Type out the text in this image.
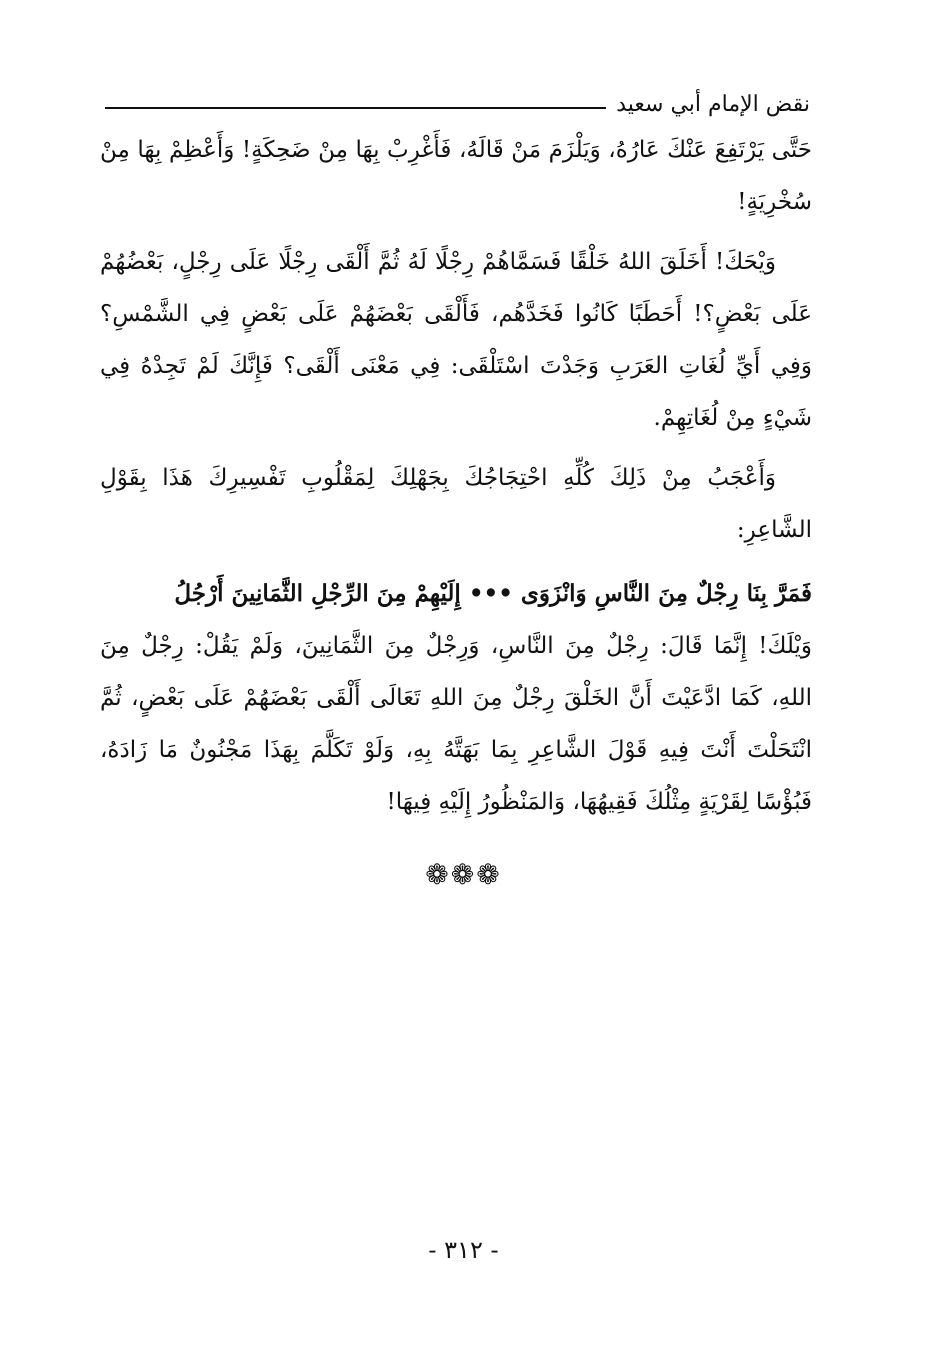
نقض الإمام أبي سعيد

حَتَّى يَرْتَفِعَ عَنْكَ عَارُهُ، وَيَلْزَمَ مَنْ قَالَهُ، فَأَغْرِبْ بِهَا مِنْ ضَحِكَةٍ! وَأَعْظِمْ بِهَا مِنْ سُخْرِيَةٍ!

وَيْحَكَ! أَخَلَقَ اللهُ خَلْقًا فَسَمَّاهُمْ رِجْلًا لَهُ ثُمَّ أَلْقَى رِجْلًا عَلَى رِجْلٍ، بَعْضُهُمْ عَلَى بَعْضٍ؟! أَحَطَبًا كَانُوا فَخَدَّهُم، فَأَلْقَى بَعْضَهُمْ عَلَى بَعْضٍ فِي الشَّمْسِ؟ وَفِي أَيِّ لُغَاتِ العَرَبِ وَجَدْتَ اسْتَلْقَى: فِي مَعْنَى أَلْقَى؟ فَإِنَّكَ لَمْ تَجِدْهُ فِي شَيْءٍ مِنْ لُغَاتِهِمْ.

وَأَعْجَبُ مِنْ ذَلِكَ كُلِّهِ احْتِجَاجُكَ بِجَهْلِكَ لِمَقْلُوبِ تَفْسِيرِكَ هَذَا بِقَوْلِ الشَّاعِرِ:

فَمَرَّ بِنَا رِجْلٌ مِنَ النَّاسِ وَانْزَوَى ••• إِلَيْهِمْ مِنَ الرِّجْلِ الثَّمَانِينَ أَرْجُلُ

وَيْلَكَ! إِنَّمَا قَالَ: رِجْلٌ مِنَ النَّاسِ، وَرِجْلٌ مِنَ الثَّمَانِينَ، وَلَمْ يَقُلْ: رِجْلٌ مِنَ اللهِ، كَمَا ادَّعَيْتَ أَنَّ الخَلْقَ رِجْلٌ مِنَ اللهِ تَعَالَى أَلْقَى بَعْضَهُمْ عَلَى بَعْضٍ، ثُمَّ انْتَحَلْتَ أَنْتَ فِيهِ قَوْلَ الشَّاعِرِ بِمَا بَهَتَّهُ بِهِ، وَلَوْ تَكَلَّمَ بِهَذَا مَجْنُونٌ مَا زَادَهُ، فَبُؤْسًا لِقَرْيَةٍ مِثْلُكَ فَقِيهُهَا، وَالمَنْظُورُ إِلَيْهِ فِيهَا!

❁❁❁
- ٣١٢ -
